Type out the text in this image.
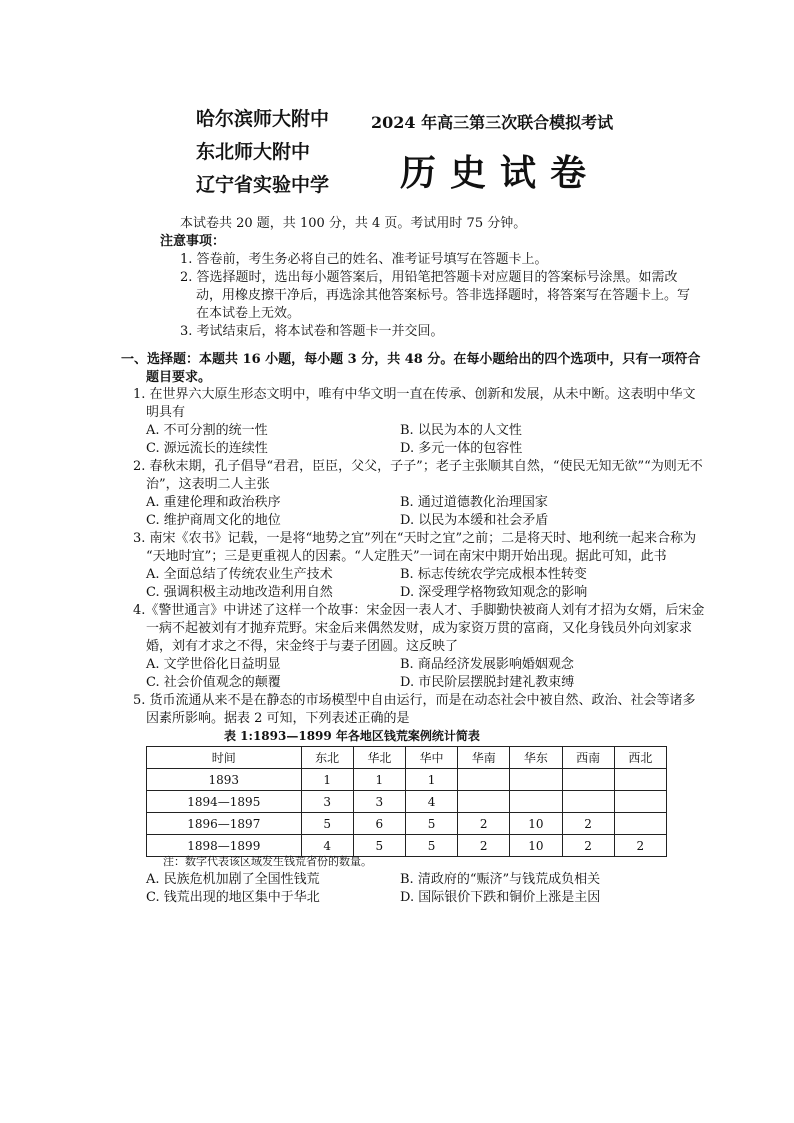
哈尔滨师大附中
东北师大附中
辽宁省实验中学
2024 年高三第三次联合模拟考试
历史试卷
本试卷共 20 题，共 100 分，共 4 页。考试用时 75 分钟。
注意事项：
1. 答卷前，考生务必将自己的姓名、准考证号填写在答题卡上。
2. 答选择题时，选出每小题答案后，用铅笔把答题卡对应题目的答案标号涂黑。如需改
动，用橡皮擦干净后，再选涂其他答案标号。答非选择题时，将答案写在答题卡上。写
在本试卷上无效。
3. 考试结束后，将本试卷和答题卡一并交回。
一、选择题：本题共 16 小题，每小题 3 分，共 48 分。在每小题给出的四个选项中，只有一项符合
题目要求。
1. 在世界六大原生形态文明中，唯有中华文明一直在传承、创新和发展，从未中断。这表明中华文
明具有
A. 不可分割的统一性	B. 以民为本的人文性
C. 源远流长的连续性	D. 多元一体的包容性
2. 春秋末期，孔子倡导“君君，臣臣，父父，子子”；老子主张顺其自然，“使民无知无欲”“为则无不
治”，这表明二人主张
A. 重建伦理和政治秩序	B. 通过道德教化治理国家
C. 维护商周文化的地位	D. 以民为本缓和社会矛盾
3. 南宋《农书》记载，一是将“地势之宜”列在“天时之宜”之前；二是将天时、地利统一起来合称为
“天地时宜”；三是更重视人的因素。“人定胜天”一词在南宋中期开始出现。据此可知，此书
A. 全面总结了传统农业生产技术	B. 标志传统农学完成根本性转变
C. 强调积极主动地改造利用自然	D. 深受理学格物致知观念的影响
4.《警世通言》中讲述了这样一个故事：宋金因一表人才、手脚勤快被商人刘有才招为女婿，后宋金
一病不起被刘有才抛弃荒野。宋金后来偶然发财，成为家资万贯的富商，又化身钱员外向刘家求
婚，刘有才求之不得，宋金终于与妻子团圆。这反映了
A. 文学世俗化日益明显	B. 商品经济发展影响婚姻观念
C. 社会价值观念的颠覆	D. 市民阶层摆脱封建礼教束缚
5. 货币流通从来不是在静态的市场模型中自由运行，而是在动态社会中被自然、政治、社会等诸多
因素所影响。据表 2 可知，下列表述正确的是
表 1:1893—1899 年各地区钱荒案例统计简表
时间	东北	华北	华中	华南	华东	西南	西北
1893	1	1	1				
1894—1895	3	3	4				
1896—1897	5	6	5	2	10	2	
1898—1899	4	5	5	2	10	2	2
注：数字代表该区域发生钱荒省份的数量。
A. 民族危机加剧了全国性钱荒	B. 清政府的“赈济”与钱荒成负相关
C. 钱荒出现的地区集中于华北	D. 国际银价下跌和铜价上涨是主因
